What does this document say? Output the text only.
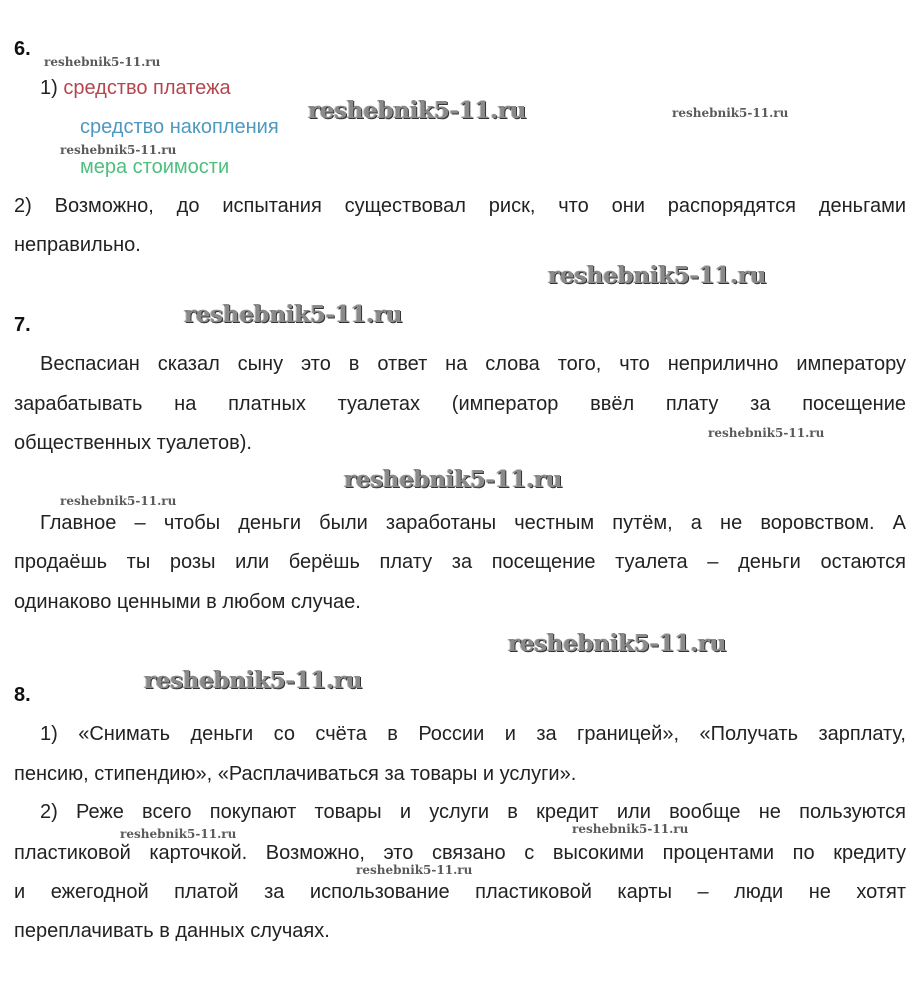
6.
reshebnik5-11.ru
1) средство платежа
reshebnik5-11.ru	reshebnik5-11.ru
средство накопления
reshebnik5-11.ru
мера стоимости
2) Возможно, до испытания существовал риск, что они распорядятся деньгами
неправильно.
reshebnik5-11.ru
reshebnik5-11.ru
7.
Веспасиан сказал сыну это в ответ на слова того, что неприлично императору
зарабатывать на платных туалетах (император ввёл плату за посещение
reshebnik5-11.ru
общественных туалетов).
reshebnik5-11.ru
reshebnik5-11.ru
Главное – чтобы деньги были заработаны честным путём, а не воровством. А
продаёшь ты розы или берёшь плату за посещение туалета – деньги остаются
одинаково ценными в любом случае.
reshebnik5-11.ru
reshebnik5-11.ru
8.
1) «Снимать деньги со счёта в России и за границей», «Получать зарплату,
пенсию, стипендию», «Расплачиваться за товары и услуги».
2) Реже всего покупают товары и услуги в кредит или вообще не пользуются
reshebnik5-11.ru	reshebnik5-11.ru
пластиковой карточкой. Возможно, это связано с высокими процентами по кредиту
reshebnik5-11.ru
и ежегодной платой за использование пластиковой карты – люди не хотят
переплачивать в данных случаях.
